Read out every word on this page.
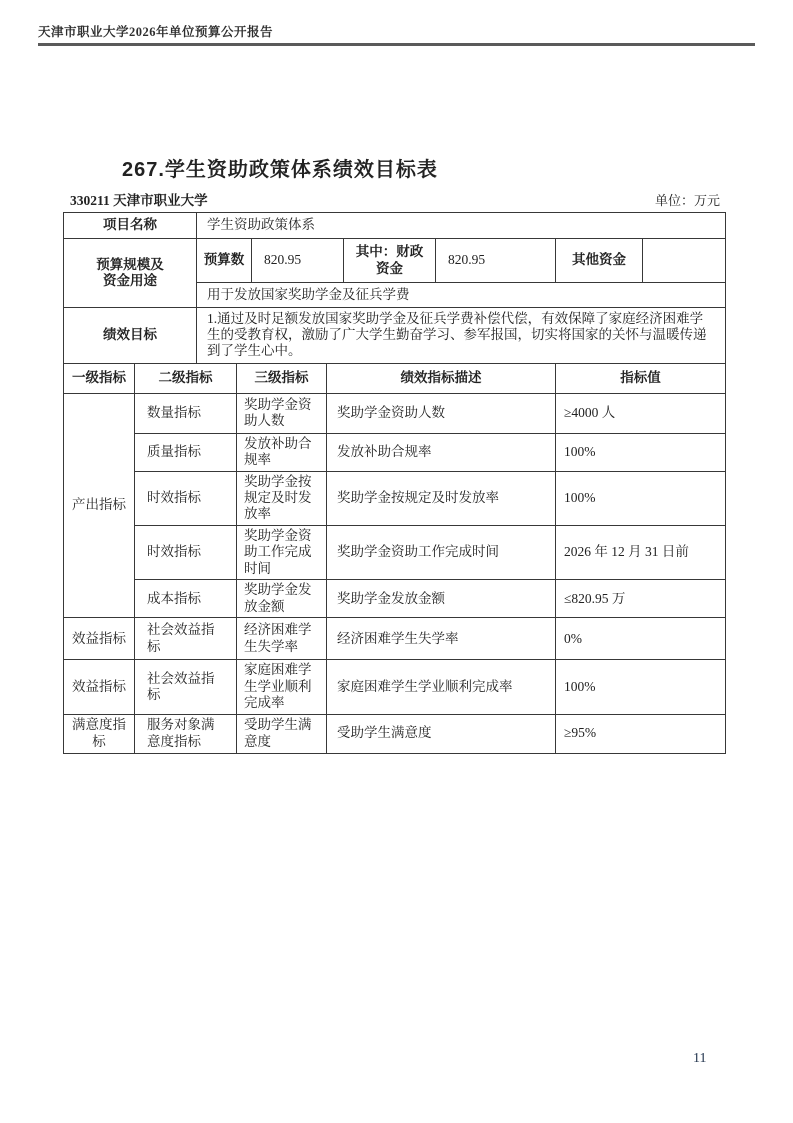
天津市职业大学2026年单位预算公开报告
267.学生资助政策体系绩效目标表
330211 天津市职业大学	单位：万元
项目名称	学生资助政策体系					

预算规模及资金用途	预算数	820.95	其中：财政资金	820.95	其他资金	
	用于发放国家奖助学金及征兵学费					
绩效目标	1.通过及时足额发放国家奖助学金及征兵学费补偿代偿，有效保障了家庭经济困难学生的受教育权，激励了广大学生勤奋学习、参军报国，切实将国家的关怀与温暖传递到了学生心中。					
一级指标	二级指标	三级指标	绩效指标描述	指标值
产出指标	数量指标	奖助学金资助人数	奖助学金资助人数	≥4000 人
	质量指标	发放补助合规率	发放补助合规率	100%
	时效指标	奖助学金按规定及时发放率	奖助学金按规定及时发放率	100%
	时效指标	奖助学金资助工作完成时间	奖助学金资助工作完成时间	2026 年 12 月 31 日前
	成本指标	奖助学金发放金额	奖助学金发放金额	≤820.95 万
效益指标	社会效益指标	经济困难学生失学率	经济困难学生失学率	0%
效益指标	社会效益指标	家庭困难学生学业顺利完成率	家庭困难学生学业顺利完成率	100%
满意度指标	服务对象满意度指标	受助学生满意度	受助学生满意度	≥95%
11
